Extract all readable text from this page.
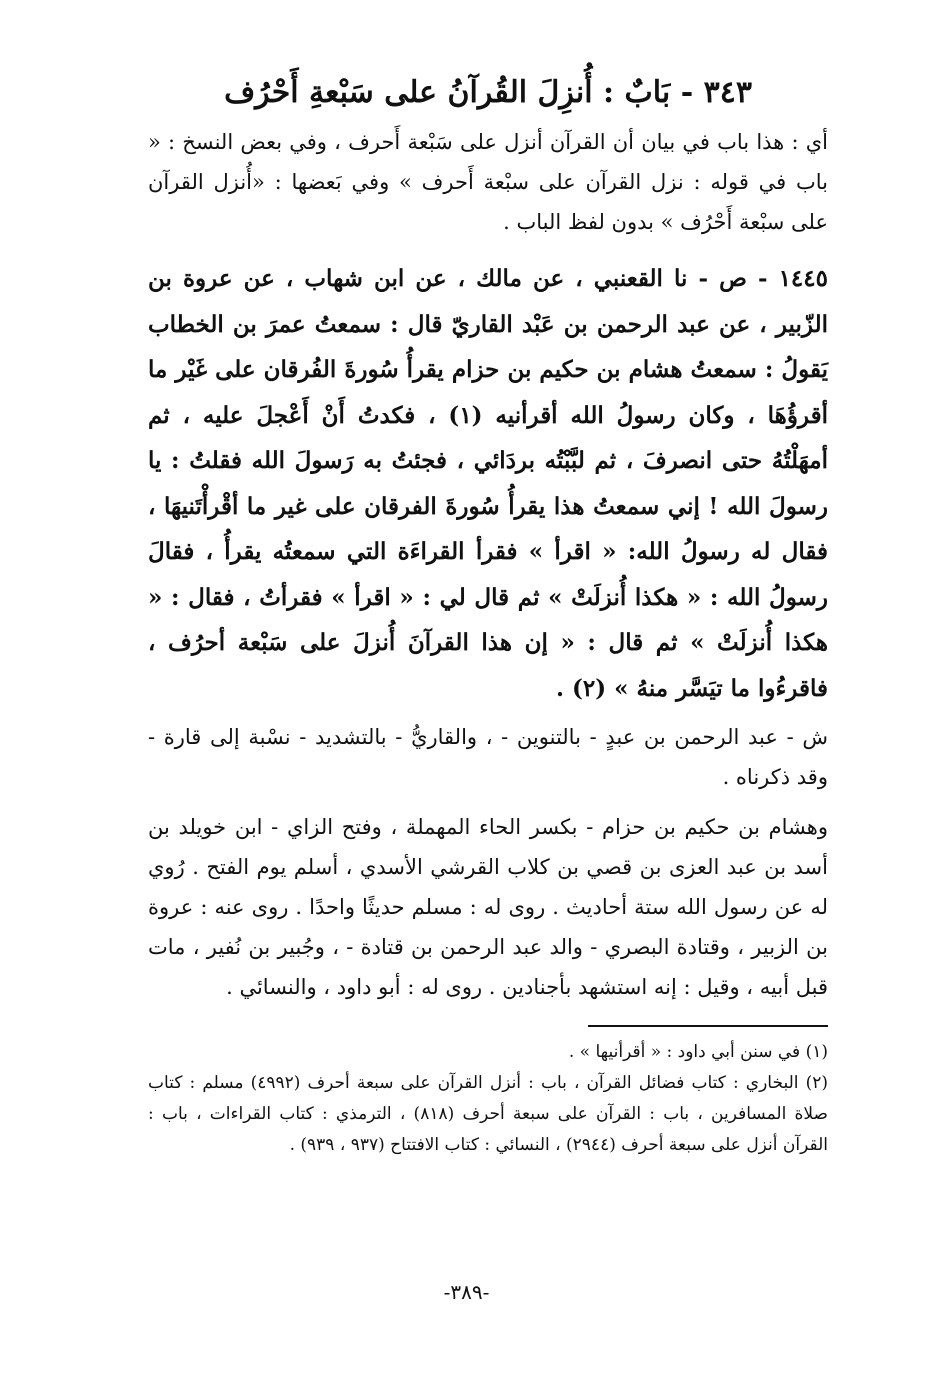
٣٤٣ - بَابٌ : أُنزِلَ القُرآنُ على سَبْعةِ أَحْرُف

أي : هذا باب في بيان أن القرآن أنزل على سَبْعة أَحرف ، وفي بعض النسخ : « باب في قوله : نزل القرآن على سبْعة أَحرف » وفي بَعضها : «أُنزل القرآن على سبْعة أَحْرُف » بدون لفظ الباب .

١٤٤٥ - ص - نا القعنبي ، عن مالك ، عن ابن شهاب ، عن عروة بن الزّبير ، عن عبد الرحمن بن عَبْد القاريّ قال : سمعتُ عمرَ بن الخطاب يَقولُ : سمعتُ هشام بن حكيم بن حزام يقرأُ سُورةَ الفُرقان على غَيْر ما أقرؤُهَا ، وكان رسولُ الله أقرأنيه (١) ، فكدتُ أَنْ أَعْجلَ عليه ، ثم أمهَلْتُهُ حتى انصرفَ ، ثم لبَّبْتُه بردَائي ، فجئتُ به رَسولَ الله فقلتُ : يا رسولَ الله ! إني سمعتُ هذا يقرأُ سُورةَ الفرقان على غير ما أقْرأْتَنيهَا ، فقال له رسولُ الله: « اقرأ » فقرأ القراءَة التي سمعتُه يقرأُ ، فقالَ رسولُ الله : « هكذا أُنزلَتْ » ثم قال لي : « اقرأ » فقرأتُ ، فقال : « هكذا أُنزلَتْ » ثم قال : « إن هذا القرآنَ أُنزلَ على سَبْعة أحرُف ، فاقرءُوا ما تيَسَّر منهُ » (٢) .

ش - عبد الرحمن بن عبدٍ - بالتنوين - ، والقاريُّ - بالتشديد - نسْبة إلى قارة - وقد ذكرناه .

وهشام بن حكيم بن حزام - بكسر الحاء المهملة ، وفتح الزاي - ابن خويلد بن أسد بن عبد العزى بن قصي بن كلاب القرشي الأسدي ، أسلم يوم الفتح . رُوي له عن رسول الله ستة أحاديث . روى له : مسلم حديثًا واحدًا . روى عنه : عروة بن الزبير ، وقتادة البصري - والد عبد الرحمن بن قتادة - ، وجُبير بن نُفير ، مات قبل أبيه ، وقيل : إنه استشهد بأجنادين . روى له : أبو داود ، والنسائي .

(١) في سنن أبي داود : « أقرأنيها » .
(٢) البخاري : كتاب فضائل القرآن ، باب : أنزل القرآن على سبعة أحرف (٤٩٩٢) مسلم : كتاب صلاة المسافرين ، باب : القرآن على سبعة أحرف (٨١٨) ، الترمذي : كتاب القراءات ، باب : القرآن أنزل على سبعة أحرف (٢٩٤٤) ، النسائي : كتاب الافتتاح (٩٣٧ ، ٩٣٩) .
-٣٨٩-
